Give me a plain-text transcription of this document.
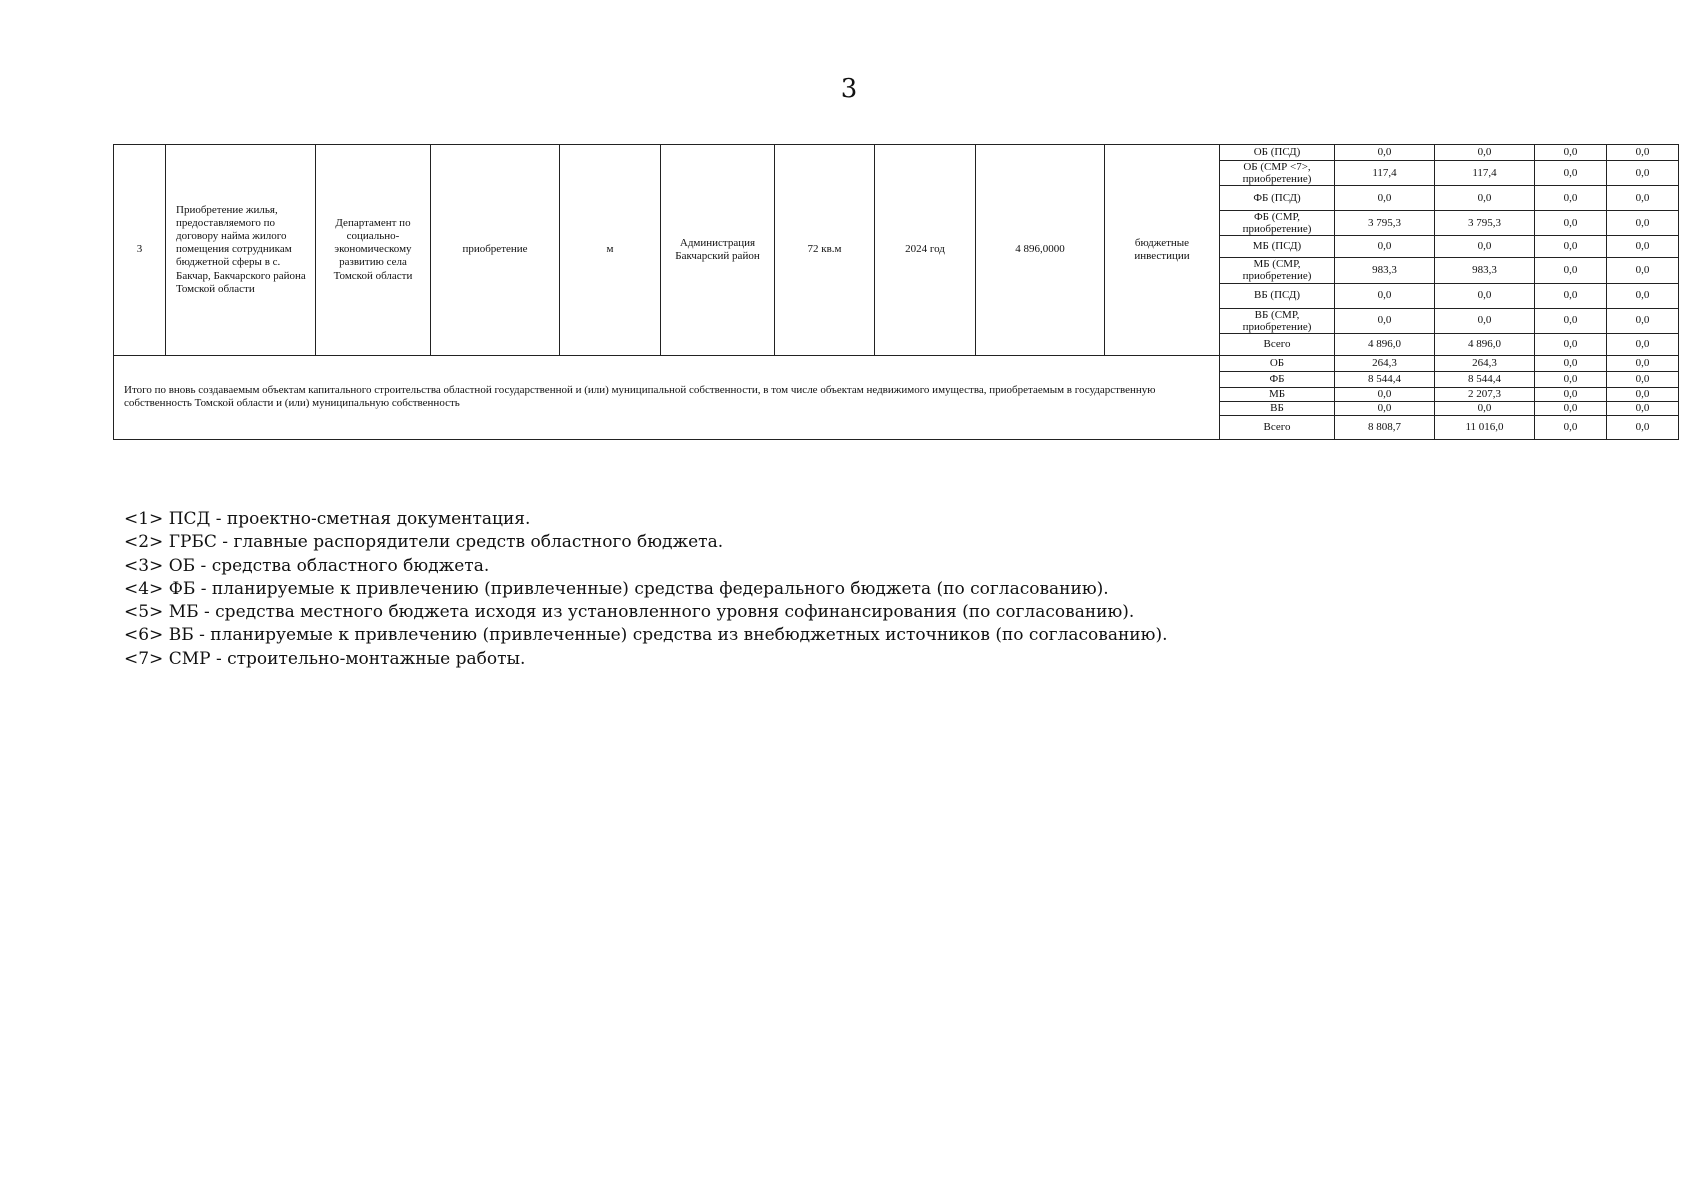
3
3	Приобретение жилья, предоставляемого по договору найма жилого помещения сотрудникам бюджетной сферы в с. Бакчар, Бакчарского района Томской области	Департамент по социально-экономическому развитию села Томской области	приобретение	м	Администрация Бакчарский район	72 кв.м	2024 год	4 896,0000	бюджетные инвестиции	ОБ (ПСД)	0,0	0,0	0,0	0,0
										ОБ (СМР <7>, приобретение)	117,4	117,4	0,0	0,0
										ФБ (ПСД)	0,0	0,0	0,0	0,0
										ФБ (СМР, приобретение)	3 795,3	3 795,3	0,0	0,0
										МБ (ПСД)	0,0	0,0	0,0	0,0
										МБ (СМР, приобретение)	983,3	983,3	0,0	0,0
										ВБ (ПСД)	0,0	0,0	0,0	0,0
										ВБ (СМР, приобретение)	0,0	0,0	0,0	0,0
										Всего	4 896,0	4 896,0	0,0	0,0
Итого по вновь создаваемым объектам капитального строительства областной государственной и (или) муниципальной собственности, в том числе объектам недвижимого имущества, приобретаемым в государственную собственность Томской области и (или) муниципальную собственность										ОБ	264,3	264,3	0,0	0,0
										ФБ	8 544,4	8 544,4	0,0	0,0
										МБ	0,0	2 207,3	0,0	0,0
										ВБ	0,0	0,0	0,0	0,0
										Всего	8 808,7	11 016,0	0,0	0,0
<1> ПСД - проектно-сметная документация.
<2> ГРБС - главные распорядители средств областного бюджета.
<3> ОБ - средства областного бюджета.
<4> ФБ - планируемые к привлечению (привлеченные) средства федерального бюджета (по согласованию).
<5> МБ - средства местного бюджета исходя из установленного уровня софинансирования (по согласованию).
<6> ВБ - планируемые к привлечению (привлеченные) средства из внебюджетных источников (по согласованию).
<7> СМР - строительно-монтажные работы.
